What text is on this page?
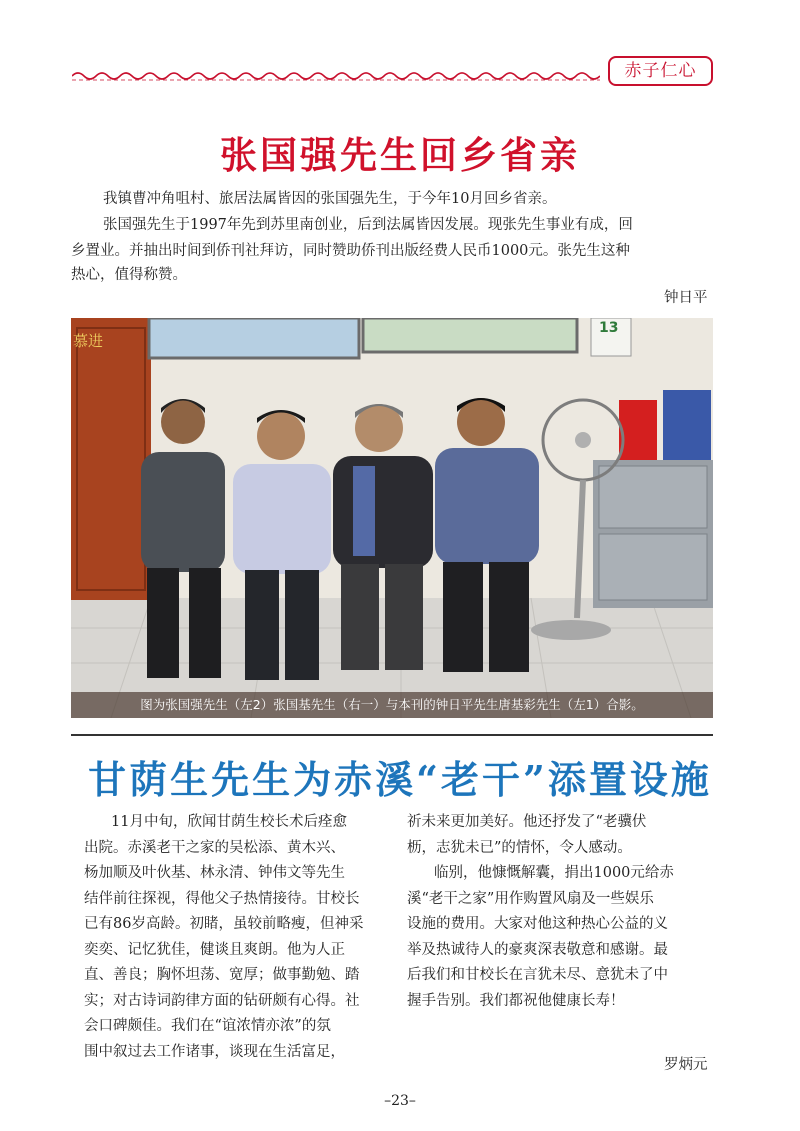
赤子仁心
张国强先生回乡省亲
我镇曹冲角咀村、旅居法属皆因的张国强先生，于今年10月回乡省亲。
张国强先生于1997年先到苏里南创业，后到法属皆因发展。现张先生事业有成，回
乡置业。并抽出时间到侨刊社拜访，同时赞助侨刊出版经费人民币1000元。张先生这种
热心，值得称赞。
钟日平
慕进
13
图为张国强先生（左2）张国基先生（右一）与本刊的钟日平先生唐基彩先生（左1）合影。
甘荫生先生为赤溪“老干”添置设施

11月中旬，欣闻甘荫生校长术后痊愈

出院。赤溪老干之家的吴松添、黄木兴、

杨加顺及叶伙基、林永清、钟伟文等先生

结伴前往探视，得他父子热情接待。甘校长

已有86岁高龄。初睹，虽较前略瘦，但神采

奕奕、记忆犹佳，健谈且爽朗。他为人正

直、善良；胸怀坦荡、宽厚；做事勤勉、踏

实；对古诗词韵律方面的钻研颇有心得。社

会口碑颇佳。我们在“谊浓情亦浓”的氛

围中叙过去工作诸事，谈现在生活富足，

祈未来更加美好。他还抒发了“老骥伏

枥，志犹未已”的情怀，令人感动。

临别，他慷慨解囊，捐出1000元给赤

溪“老干之家”用作购置风扇及一些娱乐

设施的费用。大家对他这种热心公益的义

举及热诚待人的豪爽深表敬意和感谢。最

后我们和甘校长在言犹未尽、意犹未了中

握手告别。我们都祝他健康长寿！

罗炳元
–23–
